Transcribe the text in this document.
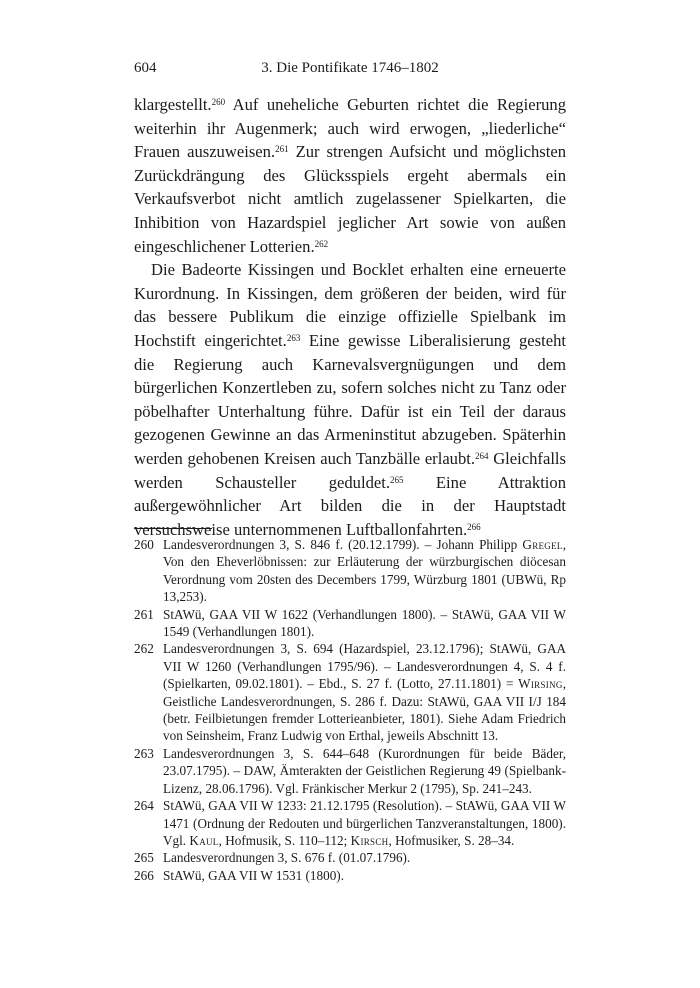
604	3. Die Pontifikate 1746–1802

klargestellt.$^{260}$ Auf uneheliche Geburten richtet die Regierung weiterhin ihr Augenmerk; auch wird erwogen, „liederliche“ Frauen auszuweisen.$^{261}$ Zur strengen Aufsicht und möglichsten Zurückdrängung des Glücksspiels ergeht abermals ein Verkaufsverbot nicht amtlich zugelassener Spielkarten, die Inhibition von Hazardspiel jeglicher Art sowie von außen eingeschlichener Lotterien.$^{262}$

Die Badeorte Kissingen und Bocklet erhalten eine erneuerte Kurordnung. In Kissingen, dem größeren der beiden, wird für das bessere Publikum die einzige offizielle Spielbank im Hochstift eingerichtet.$^{263}$ Eine gewisse Liberalisierung gesteht die Regierung auch Karnevalsvergnügungen und dem bürgerlichen Konzertleben zu, sofern solches nicht zu Tanz oder pöbelhafter Unterhaltung führe. Dafür ist ein Teil der daraus gezogenen Gewinne an das Armeninstitut abzugeben. Späterhin werden gehobenen Kreisen auch Tanzbälle erlaubt.$^{264}$ Gleichfalls werden Schausteller geduldet.$^{265}$ Eine Attraktion außergewöhnlicher Art bilden die in der Hauptstadt versuchsweise unternommenen Luftballonfahrten.$^{266}$

260 Landesverordnungen 3, S. 846 f. (20.12.1799). – Johann Philipp Gregel, Von den Eheverlöbnissen: zur Erläuterung der würzburgischen diöcesan Verordnung vom 20sten des Decembers 1799, Würzburg 1801 (UBWü, Rp 13,253).
261 StAWü, GAA VII W 1622 (Verhandlungen 1800). – StAWü, GAA VII W 1549 (Verhandlungen 1801).
262 Landesverordnungen 3, S. 694 (Hazardspiel, 23.12.1796); StAWü, GAA VII W 1260 (Verhandlungen 1795/96). – Landesverordnungen 4, S. 4 f. (Spielkarten, 09.02.1801). – Ebd., S. 27 f. (Lotto, 27.11.1801) = Wirsing, Geistliche Landesverordnungen, S. 286 f. Dazu: StAWü, GAA VII I/J 184 (betr. Feilbietungen fremder Lotterieanbieter, 1801). Siehe Adam Friedrich von Seinsheim, Franz Ludwig von Erthal, jeweils Abschnitt 13.
263 Landesverordnungen 3, S. 644–648 (Kurordnungen für beide Bäder, 23.07.1795). – DAW, Ämterakten der Geistlichen Regierung 49 (Spielbank-Lizenz, 28.06.1796). Vgl. Fränkischer Merkur 2 (1795), Sp. 241–243.
264 StAWü, GAA VII W 1233: 21.12.1795 (Resolution). – StAWü, GAA VII W 1471 (Ordnung der Redouten und bürgerlichen Tanzveranstaltungen, 1800). Vgl. Kaul, Hofmusik, S. 110–112; Kirsch, Hofmusiker, S. 28–34.
265 Landesverordnungen 3, S. 676 f. (01.07.1796).
266 StAWü, GAA VII W 1531 (1800).
